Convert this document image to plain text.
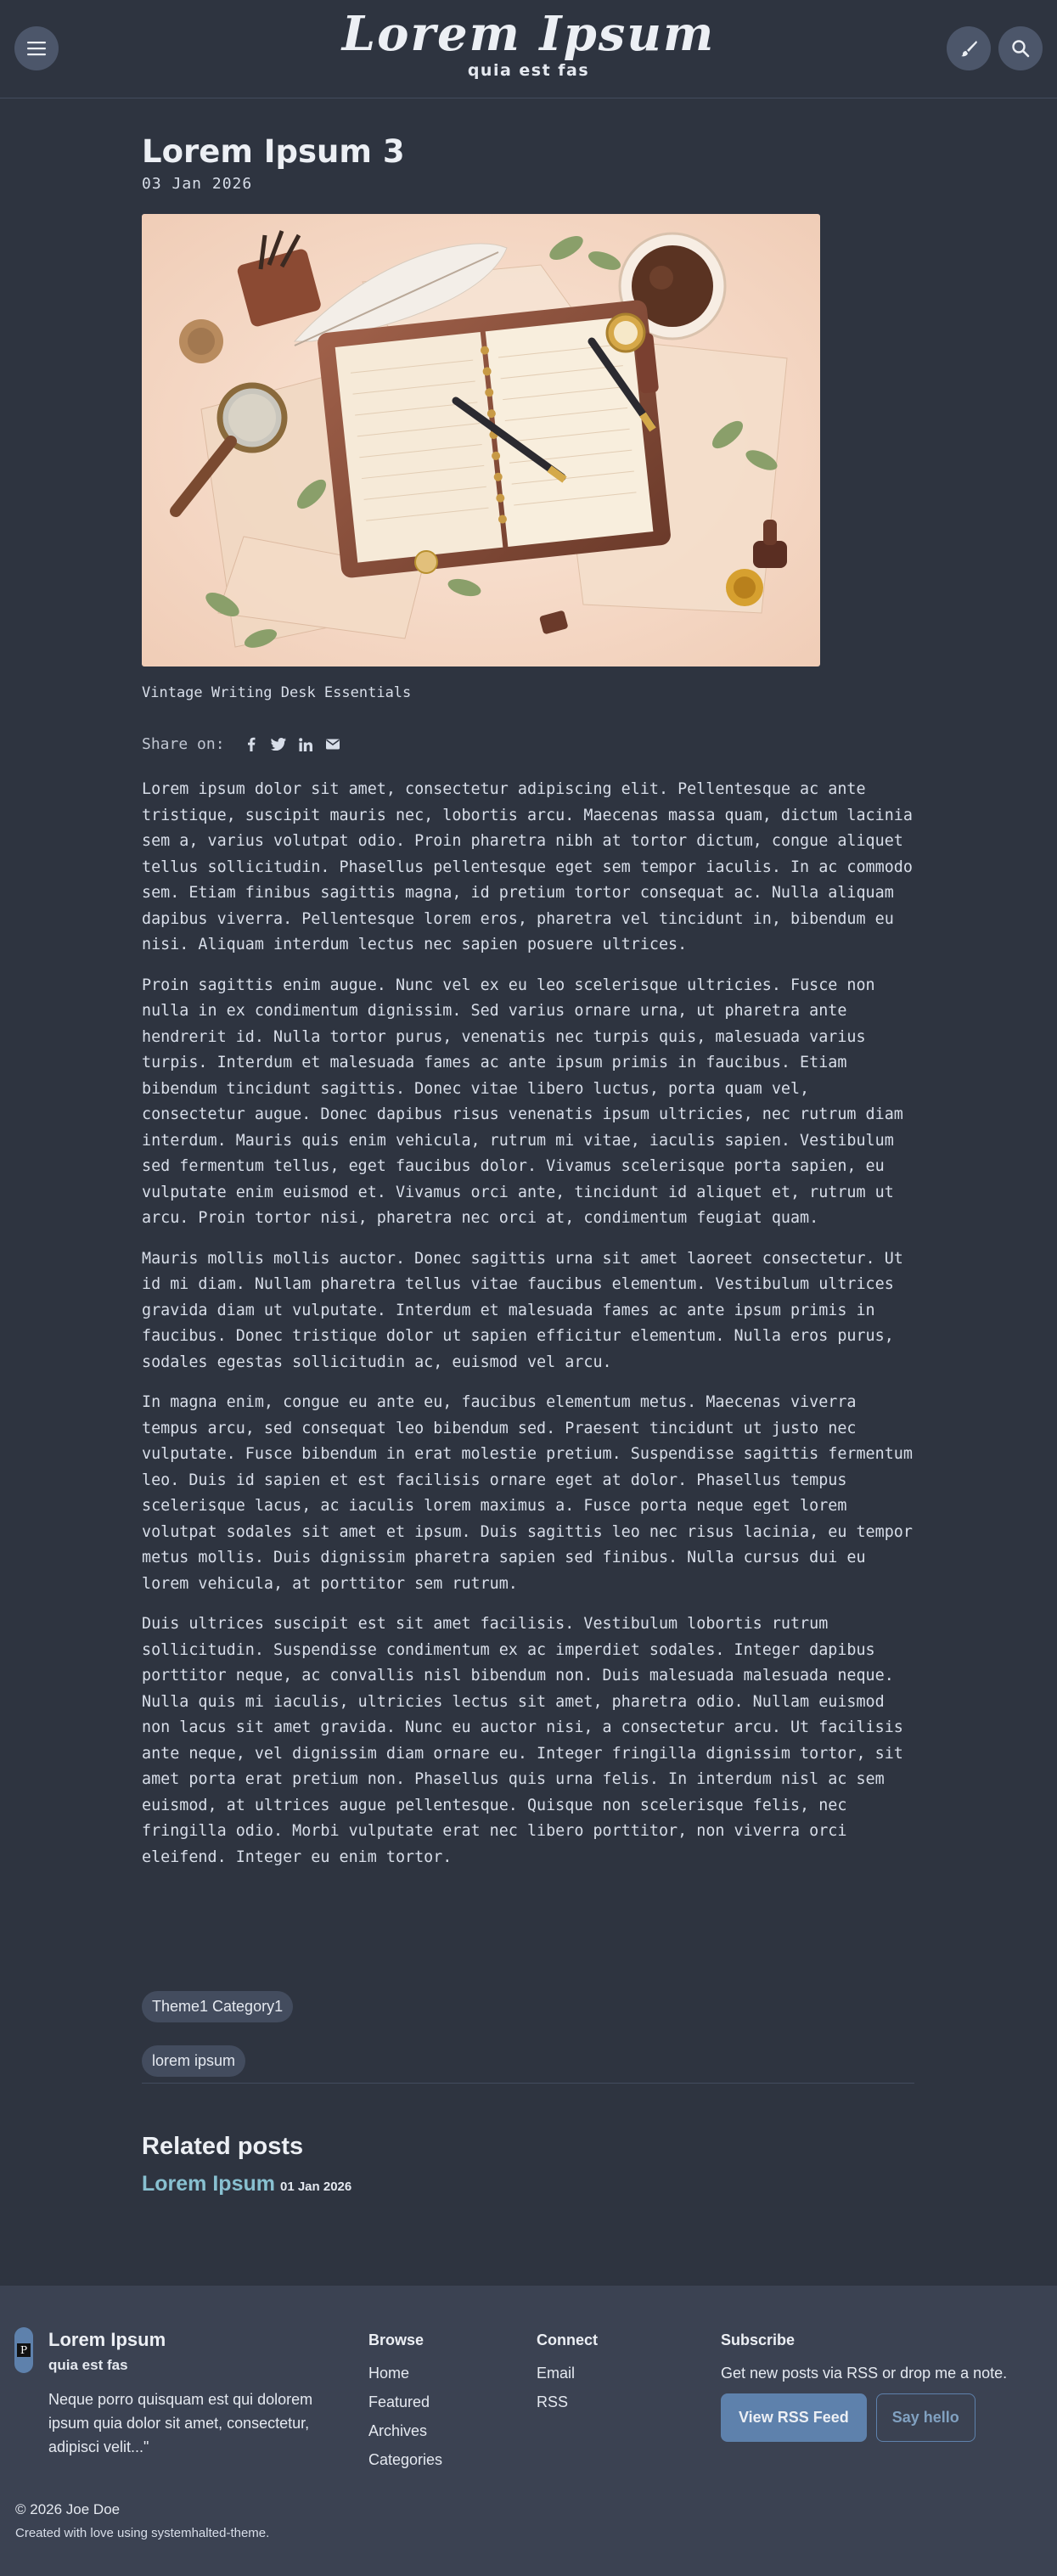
Lorem Ipsum
quia est fas
Lorem Ipsum 3
03 Jan 2026
Vintage Writing Desk Essentials
Share on:

Lorem ipsum dolor sit amet, consectetur adipiscing elit. Pellentesque ac ante tristique, suscipit mauris nec, lobortis arcu. Maecenas massa quam, dictum lacinia sem a, varius volutpat odio. Proin pharetra nibh at tortor dictum, congue aliquet tellus sollicitudin. Phasellus pellentesque eget sem tempor iaculis. In ac commodo sem. Etiam finibus sagittis magna, id pretium tortor consequat ac. Nulla aliquam dapibus viverra. Pellentesque lorem eros, pharetra vel tincidunt in, bibendum eu nisi. Aliquam interdum lectus nec sapien posuere ultrices.

Proin sagittis enim augue. Nunc vel ex eu leo scelerisque ultricies. Fusce non nulla in ex condimentum dignissim. Sed varius ornare urna, ut pharetra ante hendrerit id. Nulla tortor purus, venenatis nec turpis quis, malesuada varius turpis. Interdum et malesuada fames ac ante ipsum primis in faucibus. Etiam bibendum tincidunt sagittis. Donec vitae libero luctus, porta quam vel, consectetur augue. Donec dapibus risus venenatis ipsum ultricies, nec rutrum diam interdum. Mauris quis enim vehicula, rutrum mi vitae, iaculis sapien. Vestibulum sed fermentum tellus, eget faucibus dolor. Vivamus scelerisque porta sapien, eu vulputate enim euismod et. Vivamus orci ante, tincidunt id aliquet et, rutrum ut arcu. Proin tortor nisi, pharetra nec orci at, condimentum feugiat quam.

Mauris mollis mollis auctor. Donec sagittis urna sit amet laoreet consectetur. Ut id mi diam. Nullam pharetra tellus vitae faucibus elementum. Vestibulum ultrices gravida diam ut vulputate. Interdum et malesuada fames ac ante ipsum primis in faucibus. Donec tristique dolor ut sapien efficitur elementum. Nulla eros purus, sodales egestas sollicitudin ac, euismod vel arcu.

In magna enim, congue eu ante eu, faucibus elementum metus. Maecenas viverra tempus arcu, sed consequat leo bibendum sed. Praesent tincidunt ut justo nec vulputate. Fusce bibendum in erat molestie pretium. Suspendisse sagittis fermentum leo. Duis id sapien et est facilisis ornare eget at dolor. Phasellus tempus scelerisque lacus, ac iaculis lorem maximus a. Fusce porta neque eget lorem volutpat sodales sit amet et ipsum. Duis sagittis leo nec risus lacinia, eu tempor metus mollis. Duis dignissim pharetra sapien sed finibus. Nulla cursus dui eu lorem vehicula, at porttitor sem rutrum.

Duis ultrices suscipit est sit amet facilisis. Vestibulum lobortis rutrum sollicitudin. Suspendisse condimentum ex ac imperdiet sodales. Integer dapibus porttitor neque, ac convallis nisl bibendum non. Duis malesuada malesuada neque. Nulla quis mi iaculis, ultricies lectus sit amet, pharetra odio. Nullam euismod non lacus sit amet gravida. Nunc eu auctor nisi, a consectetur arcu. Ut facilisis ante neque, vel dignissim diam ornare eu. Integer fringilla dignissim tortor, sit amet porta erat pretium non. Phasellus quis urna felis. In interdum nisl ac sem euismod, at ultrices augue pellentesque. Quisque non scelerisque felis, nec fringilla odio. Morbi vulputate erat nec libero porttitor, non viverra orci eleifend. Integer eu enim tortor.

Theme1 Category1
lorem ipsum
Related posts
Lorem Ipsum 01 Jan 2026
P Lorem Ipsum
quia est fas
Neque porro quisquam est qui dolorem ipsum quia dolor sit amet, consectetur, adipisci velit..."
Browse
Home
Featured
Archives
Categories
Connect
Email
RSS
Subscribe
Get new posts via RSS or drop me a note.
View RSS Feed	Say hello
© 2026 Joe Doe
Created with love using systemhalted-theme.
